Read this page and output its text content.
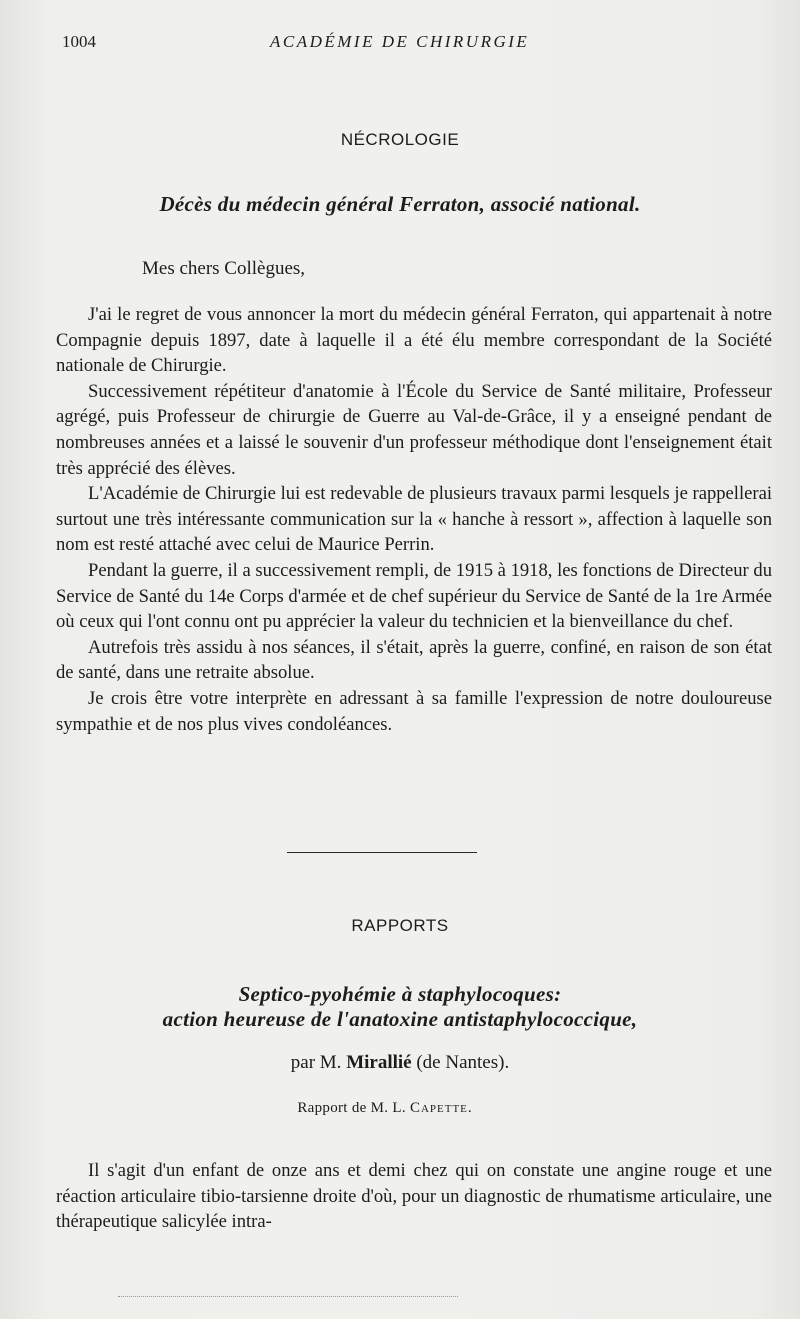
1004	ACADÉMIE DE CHIRURGIE
NÉCROLOGIE
Décès du médecin général Ferraton, associé national.
Mes chers Collègues,

J'ai le regret de vous annoncer la mort du médecin général Ferraton, qui appartenait à notre Compagnie depuis 1897, date à laquelle il a été élu membre correspondant de la Société nationale de Chirurgie.

Successivement répétiteur d'anatomie à l'École du Service de Santé militaire, Professeur agrégé, puis Professeur de chirurgie de Guerre au Val-de-Grâce, il y a enseigné pendant de nombreuses années et a laissé le souvenir d'un professeur méthodique dont l'enseignement était très apprécié des élèves.

L'Académie de Chirurgie lui est redevable de plusieurs travaux parmi lesquels je rappellerai surtout une très intéressante communication sur la « hanche à ressort », affection à laquelle son nom est resté attaché avec celui de Maurice Perrin.

Pendant la guerre, il a successivement rempli, de 1915 à 1918, les fonctions de Directeur du Service de Santé du 14e Corps d'armée et de chef supérieur du Service de Santé de la 1re Armée où ceux qui l'ont connu ont pu apprécier la valeur du technicien et la bienveillance du chef.

Autrefois très assidu à nos séances, il s'était, après la guerre, confiné, en raison de son état de santé, dans une retraite absolue.

Je crois être votre interprète en adressant à sa famille l'expression de notre douloureuse sympathie et de nos plus vives condoléances.

RAPPORTS
Septico-pyohémie à staphylocoques:
action heureuse de l'anatoxine antistaphylococcique,
par M. Mirallié (de Nantes).
Rapport de M. L. Capette.

Il s'agit d'un enfant de onze ans et demi chez qui on constate une angine rouge et une réaction articulaire tibio-tarsienne droite d'où, pour un diagnostic de rhumatisme articulaire, une thérapeutique salicylée intra-
